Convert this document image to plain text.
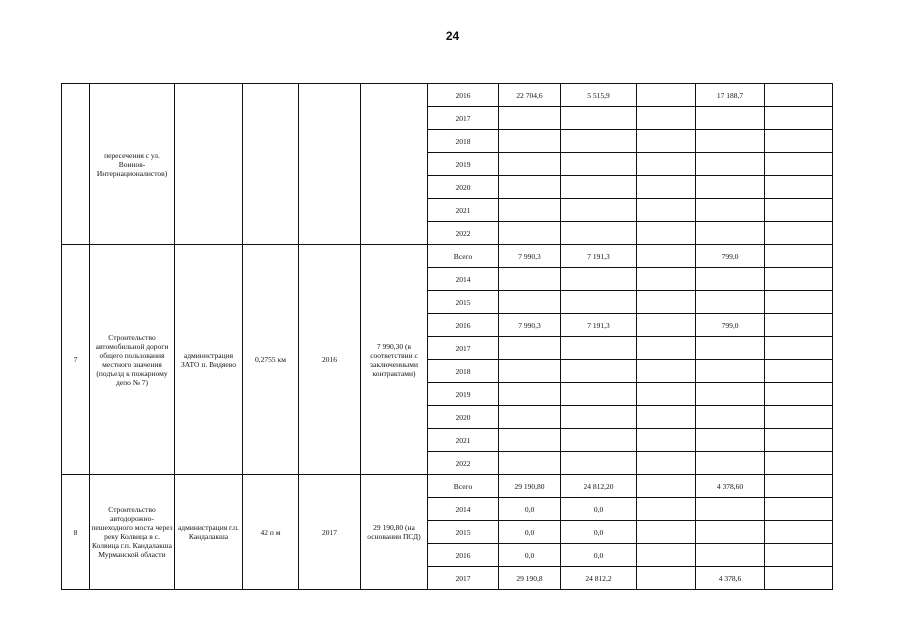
24
	пересечения с ул. Воинов-Интернационалистов)					2016	22 704,6	5 515,9		17 188,7	
						2017					
						2018					
						2019					
						2020					
						2021					
						2022					
7	Строительство автомобильной дороги общего пользования местного значения (подъезд к пожарному депо № 7)	администрация ЗАТО п. Видяево	0,2755 км	2016	7 990,30 (в соответствии с заключенными контрактами)	Всего	7 990,3	7 191,3		799,0	
						2014					
						2015					
						2016	7 990,3	7 191,3		799,0	
						2017					
						2018					
						2019					
						2020					
						2021					
						2022					
8	Строительство автодорожно-пешеходного моста через реку Колвица в с. Колвица г.п. Кандалакша Мурманской области	администрация г.п. Кандалакша	42 п м	2017	29 190,80 (на основании ПСД)	Всего	29 190,80	24 812,20		4 378,60	
						2014	0,0	0,0			
						2015	0,0	0,0			
						2016	0,0	0,0			
						2017	29 190,8	24 812,2		4 378,6	
